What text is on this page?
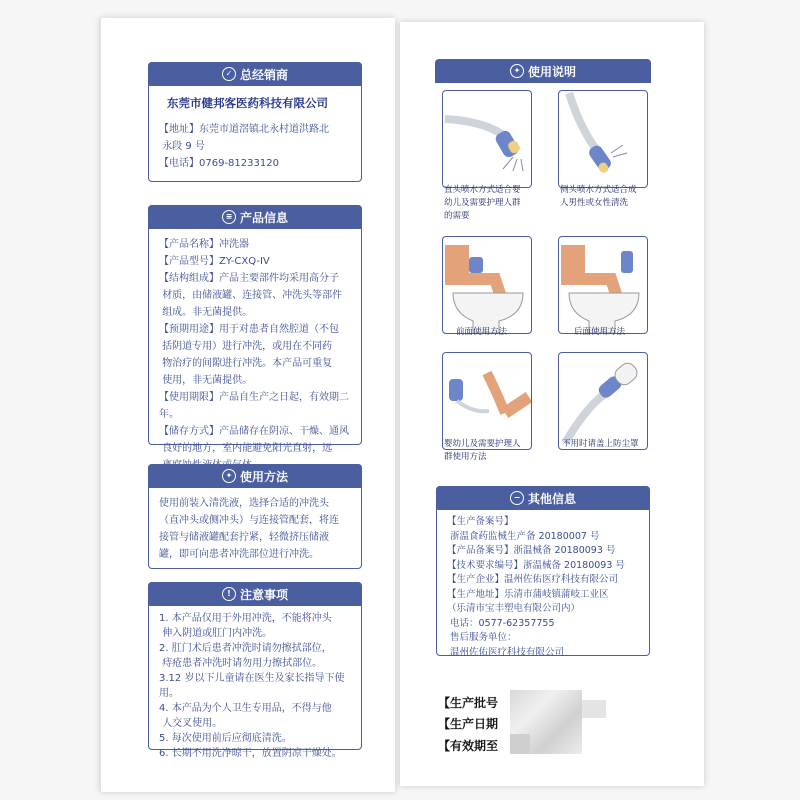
✓ 总经销商
东莞市健邦客医药科技有限公司
【地址】东莞市道滘镇北永村道洪路北
永段 9 号
【电话】0769-81233120
≡ 产品信息
【产品名称】冲洗器
【产品型号】ZY-CXQ-IV
【结构组成】产品主要部件均采用高分子
材质，由储液罐、连接管、冲洗头等部件
组成。非无菌提供。
【预期用途】用于对患者自然腔道（不包
括阴道专用）进行冲洗，或用在不同药
物治疗的间隙进行冲洗。本产品可重复
使用，非无菌提供。
【使用期限】产品自生产之日起，有效期二年。
【储存方式】产品储存在阴凉、干燥、通风
良好的地方，室内能避免阳光直射，远

✦ 使用方法
使用前装入清洗液，选择合适的冲洗头
（直冲头或侧冲头）与连接管配套，将连
接管与储液罐配套拧紧，轻微挤压储液
罐，即可向患者冲洗部位进行冲洗。
! 注意事项
1. 本产品仅用于外用冲洗，不能将冲头
伸入阴道或肛门内冲洗。
2. 肛门术后患者冲洗时请勿擦拭部位，
痔疮患者冲洗时请勿用力擦拭部位。
3.12 岁以下儿童请在医生及家长指导下使用。
4. 本产品为个人卫生专用品，不得与他
人交叉使用。
5. 每次使用前后应彻底清洗。
6. 长期不用洗净晾干，放置阴凉干燥处。
✦ 使用说明
直头喷水方式适合婴
幼儿及需要护理人群
的需要
侧头喷水方式适合成
人男性或女性清洗
前面使用方法	后面使用方法
婴幼儿及需要护理人
群使用方法
不用时请盖上防尘罩
− 其他信息
【生产备案号】
浙温食药监械生产备 20180007 号
【产品备案号】浙温械备 20180093 号
【技术要求编号】浙温械备 20180093 号
【生产企业】温州佐佑医疗科技有限公司
【生产地址】乐清市蒲岐镇蒲岐工业区
（乐清市宝丰塑电有限公司内）
电话：0577-62357755
售后服务单位：
温州佐佑医疗科技有限公司
【生产批号
【生产日期
【有效期至
